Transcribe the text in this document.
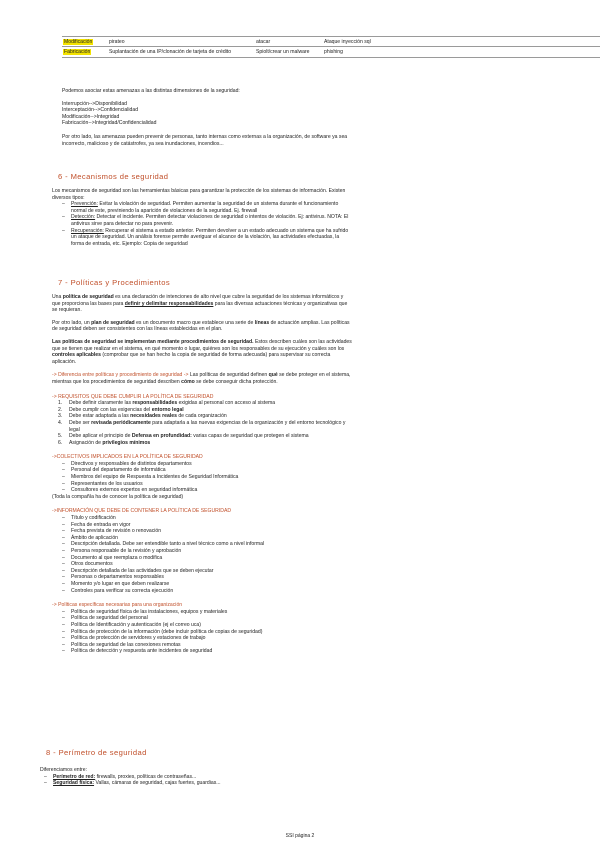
Modificación	pirateo	atacar	Ataque inyección sql
Fabricación	Suplantación de una IP/clonación de tarjeta de crédito	Spiolt/crear un malware	phishing

Podemos asociar estas amenazas a las distintas dimensiones de la seguridad:

Interrupción-->Disponibilidad

Interceptación-->Confidencialidad

Modificación-->Integridad

Fabricación-->Integridad/Confidencialidad

Por otro lado, las amenazas pueden prevenir de personas, tanto internas como externas a la organización, de software ya sea incorrecto, malicioso y de catástrofes, ya sea inundaciones, incendios...

6 - Mecanismos de seguridad

Los mecanismos de seguridad son las herramientas básicas para garantizar la protección de los sistemas de información. Existen diversos tipos:

– Prevención: Evitar la violación de seguridad. Permiten aumentar la seguridad de un sistema durante el funcionamiento normal de este, previniendo la aparición de violaciones de la seguridad. Ej. firewall
– Detección: Detectar el incidente. Permiten detectar violaciones de seguridad o intentos de violación. Ej: antivirus. NOTA: El antivirus sirve para detectar no para prevenir.
– Recuperación: Recuperar el sistema a estado anterior. Permiten devolver a un estado adecuado un sistema que ha sufrido un ataque de seguridad. Un análisis forense permite averiguar el alcance de la violación, las actividades efectuadas, la forma de entrada, etc. Ejemplo: Copia de seguridad
7 - Políticas y Procedimientos

Una política de seguridad es una declaración de intenciones de alto nivel que cubre la seguridad de los sistemas informáticos y que proporciona las bases para definir y delimitar responsabilidades para las diversas actuaciones técnicas y organizativas que se requieran.

Por otro lado, un plan de seguridad es un documento macro que establece una serie de líneas de actuación amplias. Las políticas de seguridad deben ser consistentes con las líneas establecidas en el plan.

Las políticas de seguridad se implementan mediante procedimientos de seguridad. Estos describen cuáles son las actividades que se tienen que realizar en el sistema, en qué momento o lugar, quiénes son los responsables de su ejecución y cuáles son los controles aplicables (comprobar que se han hecho la copia de seguridad de forma adecuada) para supervisar su correcta aplicación.

-> Diferencia entre políticas y procedimiento de seguridad -> Las políticas de seguridad definen qué se debe proteger en el sistema, mientras que los procedimientos de seguridad describen cómo se debe conseguir dicha protección.

-> REQUISITOS QUE DEBE CUMPLIR LA POLÍTICA DE SEGURIDAD

1. Debe definir claramente las responsabilidades exigidas al personal con acceso al sistema
2. Debe cumplir con las exigencias del entorno legal
3. Debe estar adaptada a las necesidades reales de cada organización
4. Debe ser revisada periódicamente para adaptarla a las nuevas exigencias de la organización y del entorno tecnológico y legal
5. Debe aplicar el principio de Defensa en profundidad: varias capas de seguridad que protegen el sistema
6. Asignación de privilegios mínimos

->COLECTIVOS IMPLICADOS EN LA POLÍTICA DE SEGURIDAD

– Directivos y responsables de distintos departamentos
– Personal del departamento de informática
– Miembros del equipo de Respuesta a Incidentes de Seguridad Informática
– Representantes de los usuarios
– Consultores externos expertos en seguridad informática

(Toda la compañía ha de conocer la política de seguridad)

->INFORMACIÓN QUE DEBE DE CONTENER LA POLÍTICA DE SEGURIDAD

– Título y codificación
– Fecha de entrada en vigor
– Fecha prevista de revisión o renovación
– Ámbito de aplicación
– Descripción detallada. Debe ser entendible tanto a nivel técnico como a nivel informal
– Persona responsable de la revisión y aprobación
– Documento al que reemplaza o modifica
– Otros documentos
– Descripción detallada de las actividades que se deben ejecutar
– Personas o departamentos responsables
– Momento y/o lugar en que deben realizarse
– Controles para verificar su correcta ejecución

-> Políticas específicas necesarias para una organización

– Política de seguridad física de las instalaciones, equipos y materiales
– Política de seguridad del personal
– Política de Identificación y autenticación (ej el correo uca)
– Política de protección de la información (debe incluir política de copias de seguridad)
– Política de protección de servidores y estaciones de trabajo
– Política de seguridad de las conexiones remotas
– Política de detección y respuesta ante incidentes de seguridad
8 - Perímetro de seguridad

Diferenciamos entre:

– Perímetro de red: firewalls, proxies, políticas de contraseñas...
– Seguridad física: Vallas, cámaras de seguridad, cajas fuertes, guardias...
SSI página 2
